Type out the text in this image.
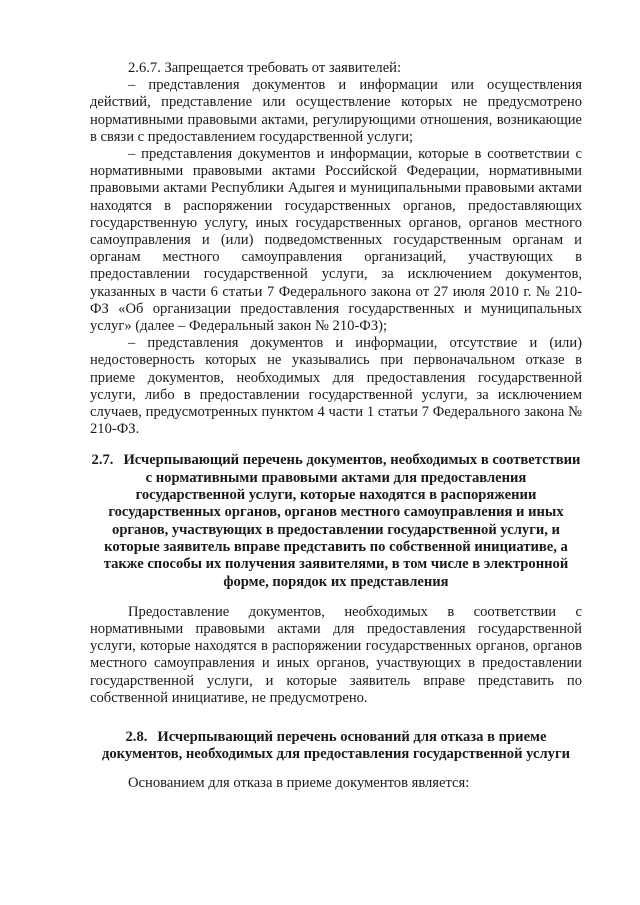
2.6.7. Запрещается требовать от заявителей:

– представления документов и информации или осуществления действий, представление или осуществление которых не предусмотрено нормативными правовыми актами, регулирующими отношения, возникающие в связи с предоставлением государственной услуги;

– представления документов и информации, которые в соответствии с нормативными правовыми актами Российской Федерации, нормативными правовыми актами Республики Адыгея и муниципальными правовыми актами находятся в распоряжении государственных органов, предоставляющих государственную услугу, иных государственных органов, органов местного самоуправления и (или) подведомственных государственным органам и органам местного самоуправления организаций, участвующих в предоставлении государственной услуги, за исключением документов, указанных в части 6 статьи 7 Федерального закона от 27 июля 2010 г. № 210-ФЗ «Об организации предоставления государственных и муниципальных услуг» (далее – Федеральный закон № 210-ФЗ);

– представления документов и информации, отсутствие и (или) недостоверность которых не указывались при первоначальном отказе в приеме документов, необходимых для предоставления государственной услуги, либо в предоставлении государственной услуги, за исключением случаев, предусмотренных пунктом 4 части 1 статьи 7 Федерального закона № 210-ФЗ.

2.7. Исчерпывающий перечень документов, необходимых в соответствии с нормативными правовыми актами для предоставления государственной услуги, которые находятся в распоряжении государственных органов, органов местного самоуправления и иных органов, участвующих в предоставлении государственной услуги, и которые заявитель вправе представить по собственной инициативе, а также способы их получения заявителями, в том числе в электронной форме, порядок их представления

Предоставление документов, необходимых в соответствии с нормативными правовыми актами для предоставления государственной услуги, которые находятся в распоряжении государственных органов, органов местного самоуправления и иных органов, участвующих в предоставлении государственной услуги, и которые заявитель вправе представить по собственной инициативе, не предусмотрено.

2.8. Исчерпывающий перечень оснований для отказа в приеме документов, необходимых для предоставления государственной услуги

Основанием для отказа в приеме документов является:
